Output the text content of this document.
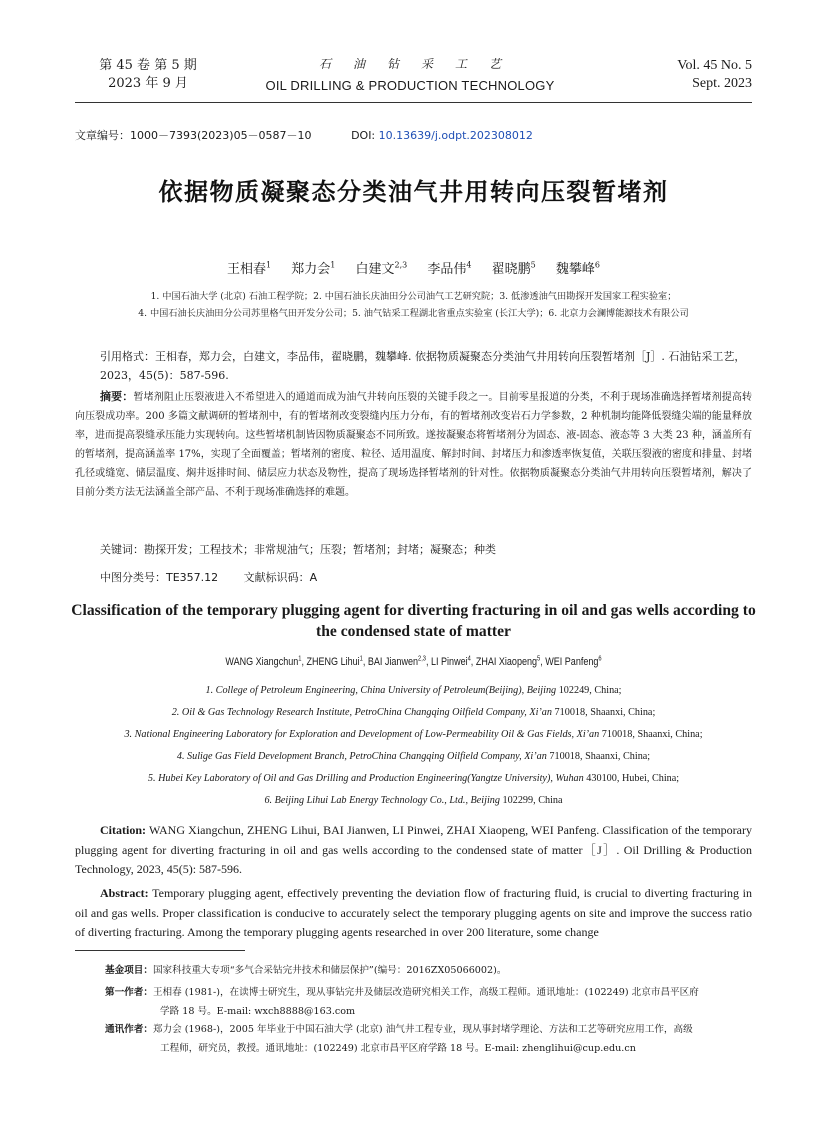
第 45 卷 第 5 期
2023 年 9 月
石油钻采工艺
OIL DRILLING & PRODUCTION TECHNOLOGY
Vol. 45 No. 5
Sept. 2023
文章编号：1000－7393(2023)05－0587－10	DOI: 10.13639/j.odpt.202308012
依据物质凝聚态分类油气井用转向压裂暂堵剂
王相春$^1$ 郑力会$^1$ 白建文$^{2,3}$ 李品伟$^4$ 翟晓鹏$^5$ 魏攀峰$^6$
1. 中国石油大学 (北京) 石油工程学院；2. 中国石油长庆油田分公司油气工艺研究院；3. 低渗透油气田勘探开发国家工程实验室；
4. 中国石油长庆油田分公司苏里格气田开发分公司；5. 油气钻采工程湖北省重点实验室 (长江大学)；6. 北京力会澜博能源技术有限公司
引用格式：王相春，郑力会，白建文，李品伟，翟晓鹏，魏攀峰. 依据物质凝聚态分类油气井用转向压裂暂堵剂［J］. 石油钻采工艺，2023，45(5)：587-596.
摘要：暂堵剂阻止压裂液进入不希望进入的通道而成为油气井转向压裂的关键手段之一。目前零星报道的分类，不利于现场准确选择暂堵剂提高转向压裂成功率。200 多篇文献调研的暂堵剂中，有的暂堵剂改变裂缝内压力分布，有的暂堵剂改变岩石力学参数，2 种机制均能降低裂缝尖端的能量释放率，进而提高裂缝承压能力实现转向。这些暂堵机制皆因物质凝聚态不同所致。遂按凝聚态将暂堵剂分为固态、液-固态、液态等 3 大类 23 种，涵盖所有的暂堵剂，提高涵盖率 17%，实现了全面覆盖；暂堵剂的密度、粒径、适用温度、解封时间、封堵压力和渗透率恢复值，关联压裂液的密度和排量、封堵孔径或缝宽、储层温度、焖井返排时间、储层应力状态及物性，提高了现场选择暂堵剂的针对性。依据物质凝聚态分类油气井用转向压裂暂堵剂，解决了目前分类方法无法涵盖全部产品、不利于现场准确选择的难题。
关键词：勘探开发；工程技术；非常规油气；压裂；暂堵剂；封堵；凝聚态；种类
中图分类号：TE357.12 文献标识码：A
Classification of the temporary plugging agent for diverting fracturing in oil and gas wells according to the condensed state of matter
WANG Xiangchun$^1$, ZHENG Lihui$^1$, BAI Jianwen$^{2,3}$, LI Pinwei$^4$, ZHAI Xiaopeng$^5$, WEI Panfeng$^6$
1. College of Petroleum Engineering, China University of Petroleum(Beijing), Beijing 102249, China;
2. Oil & Gas Technology Research Institute, PetroChina Changqing Oilfield Company, Xi’an 710018, Shaanxi, China;
3. National Engineering Laboratory for Exploration and Development of Low-Permeability Oil & Gas Fields, Xi’an 710018, Shaanxi, China;
4. Sulige Gas Field Development Branch, PetroChina Changqing Oilfield Company, Xi’an 710018, Shaanxi, China;
5. Hubei Key Laboratory of Oil and Gas Drilling and Production Engineering(Yangtze University), Wuhan 430100, Hubei, China;
6. Beijing Lihui Lab Energy Technology Co., Ltd., Beijing 102299, China
Citation: WANG Xiangchun, ZHENG Lihui, BAI Jianwen, LI Pinwei, ZHAI Xiaopeng, WEI Panfeng. Classification of the temporary plugging agent for diverting fracturing in oil and gas wells according to the condensed state of matter［J］. Oil Drilling & Production Technology, 2023, 45(5): 587-596.
Abstract: Temporary plugging agent, effectively preventing the deviation flow of fracturing fluid, is crucial to diverting fracturing in oil and gas wells. Proper classification is conducive to accurately select the temporary plugging agents on site and improve the success ratio of diverting fracturing. Among the temporary plugging agents researched in over 200 literature, some change
基金项目：国家科技重大专项“多气合采钻完井技术和储层保护”(编号：2016ZX05066002)。
第一作者：王相春 (1981-)，在读博士研究生，现从事钻完井及储层改造研究相关工作，高级工程师。通讯地址：(102249) 北京市昌平区府
学路 18 号。E-mail: wxch8888@163.com
通讯作者：郑力会 (1968-)，2005 年毕业于中国石油大学 (北京) 油气井工程专业，现从事封堵学理论、方法和工艺等研究应用工作，高级
工程师，研究员，教授。通讯地址：(102249) 北京市昌平区府学路 18 号。E-mail: zhenglihui@cup.edu.cn
